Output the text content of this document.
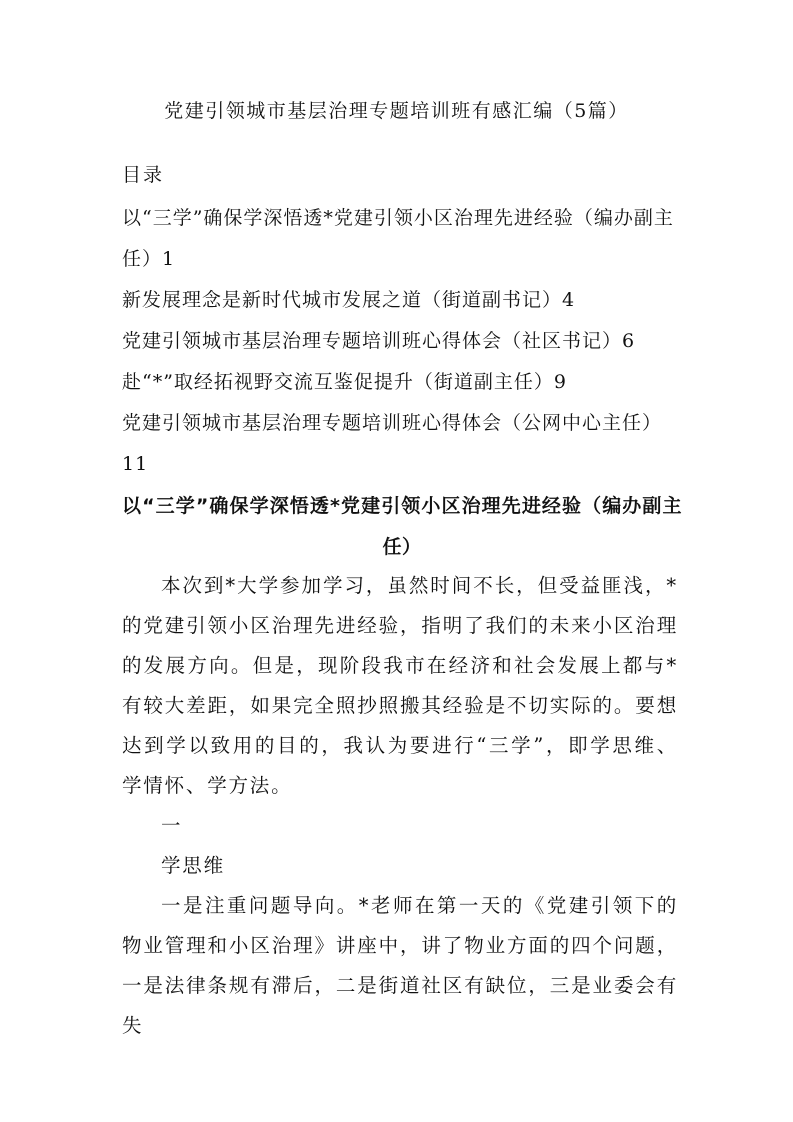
党建引领城市基层治理专题培训班有感汇编（5篇）
目录
以“三学”确保学深悟透*党建引领小区治理先进经验（编办副主任）1
新发展理念是新时代城市发展之道（街道副书记）4
党建引领城市基层治理专题培训班心得体会（社区书记）6
赴“*”取经拓视野交流互鉴促提升（街道副主任）9
党建引领城市基层治理专题培训班心得体会（公网中心主任）11
以“三学”确保学深悟透*党建引领小区治理先进经验（编办副主任）

本次到*大学参加学习，虽然时间不长，但受益匪浅，*的党建引领小区治理先进经验，指明了我们的未来小区治理的发展方向。但是，现阶段我市在经济和社会发展上都与*有较大差距，如果完全照抄照搬其经验是不切实际的。要想达到学以致用的目的，我认为要进行“三学”，即学思维、学情怀、学方法。

一

学思维

一是注重问题导向。*老师在第一天的《党建引领下的物业管理和小区治理》讲座中，讲了物业方面的四个问题，一是法律条规有滞后，二是街道社区有缺位，三是业委会有失
